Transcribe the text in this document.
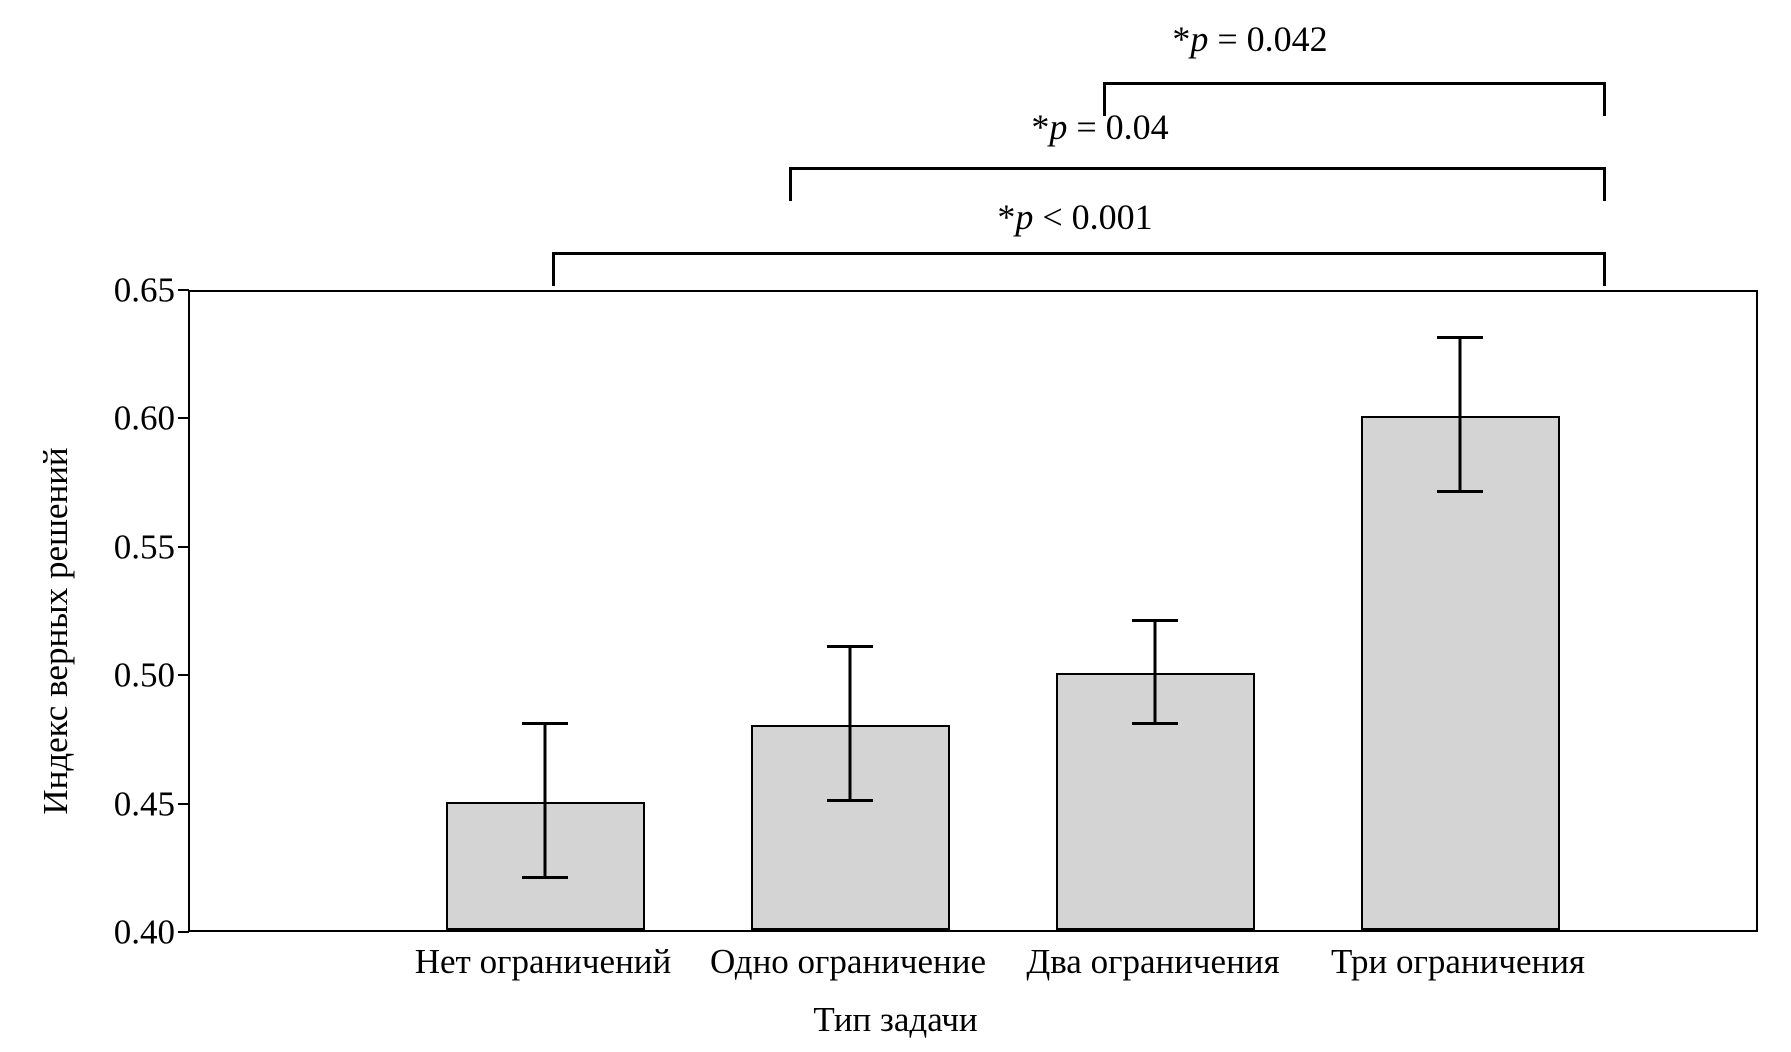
*p = 0.042
*p = 0.04
*p < 0.001
Индекс верных решений
0.40
0.45
0.50
0.55
0.60
0.65
Нет ограничений Одно ограничение Два ограничения Три ограничения
Тип задачи
